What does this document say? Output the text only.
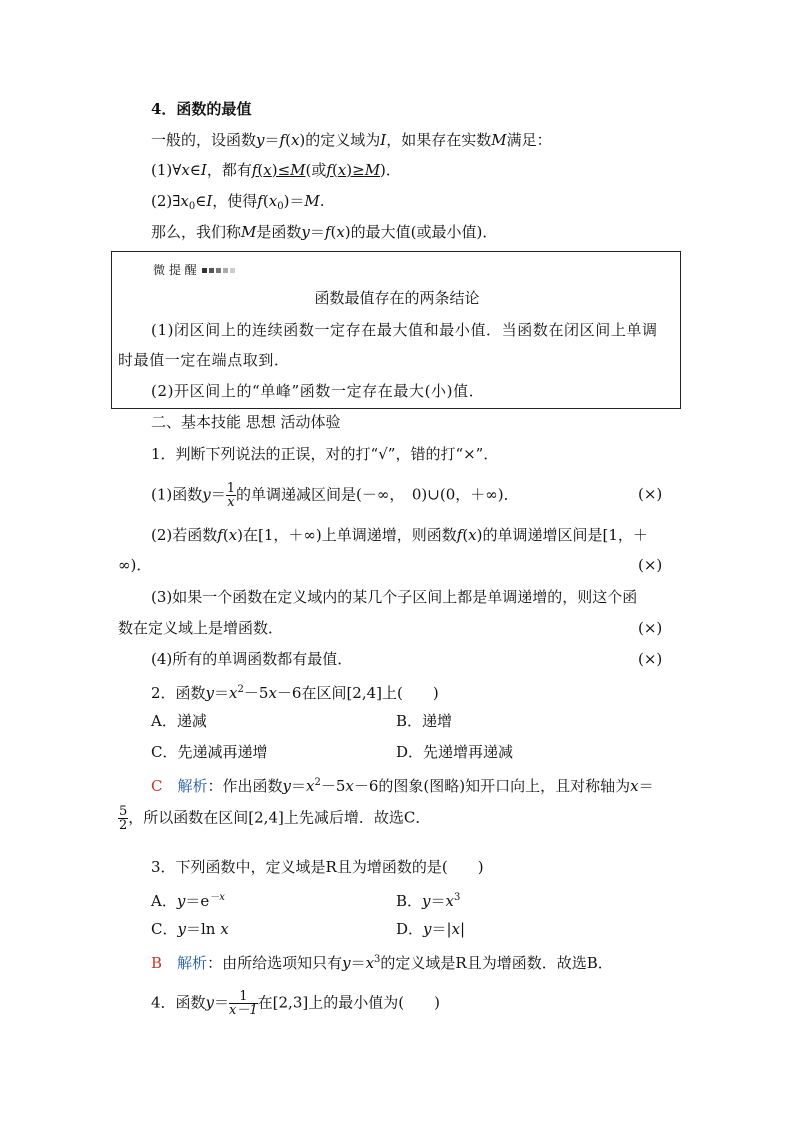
4．函数的最值
一般的，设函数y＝f(x)的定义域为I，如果存在实数M满足：
(1)∀x∈I，都有f(x)≤M(或f(x)≥M)．
$(2)\exists x_0\in I$，使得$f(x_0)=M$.
那么，我们称M是函数y＝f(x)的最大值(或最小值)．
微 提 醒
函数最值存在的两条结论
(1)闭区间上的连续函数一定存在最大值和最小值．当函数在闭区间上单调
时最值一定在端点取到．
(2)开区间上的“单峰”函数一定存在最大(小)值．
二、基本技能 思想 活动体验
1．判断下列说法的正误，对的打“√”，错的打“×”．
(1)函数$y= \frac{1}{x}$ 的单调递减区间是(－∞，　0)∪(0，＋∞)．	(×)
(2)若函数f(x)在[1，＋∞)上单调递增，则函数f(x)的单调递增区间是[1，＋
∞)．	(×)
(3)如果一个函数在定义域内的某几个子区间上都是单调递增的，则这个函
数在定义域上是增函数．	(×)
(4)所有的单调函数都有最值．	(×)
2．函数$y=x^2-5x-6$在区间[2,4]上(　　)
A．递减	B．递增
C．先递减再递增	D．先递增再递减
C　 解析：作出函数$y=x^2-5x-6$的图象(图略)知开口向上，且对称轴为x＝
$\frac{5}{2}$ ，所以函数在区间[2,4]上先减后增．故选C．
3．下列函数中，定义域是R且为增函数的是(　　)
A．$y=e^{-x}$	B．$y=x^3$
C．y＝ln x	D．y＝|x|
B　 解析：由所给选项知只有$y=x^3$的定义域是R且为增函数．故选B．
4．函数$y= \frac{1}{x-1}$ 在[2,3]上的最小值为(　　)
